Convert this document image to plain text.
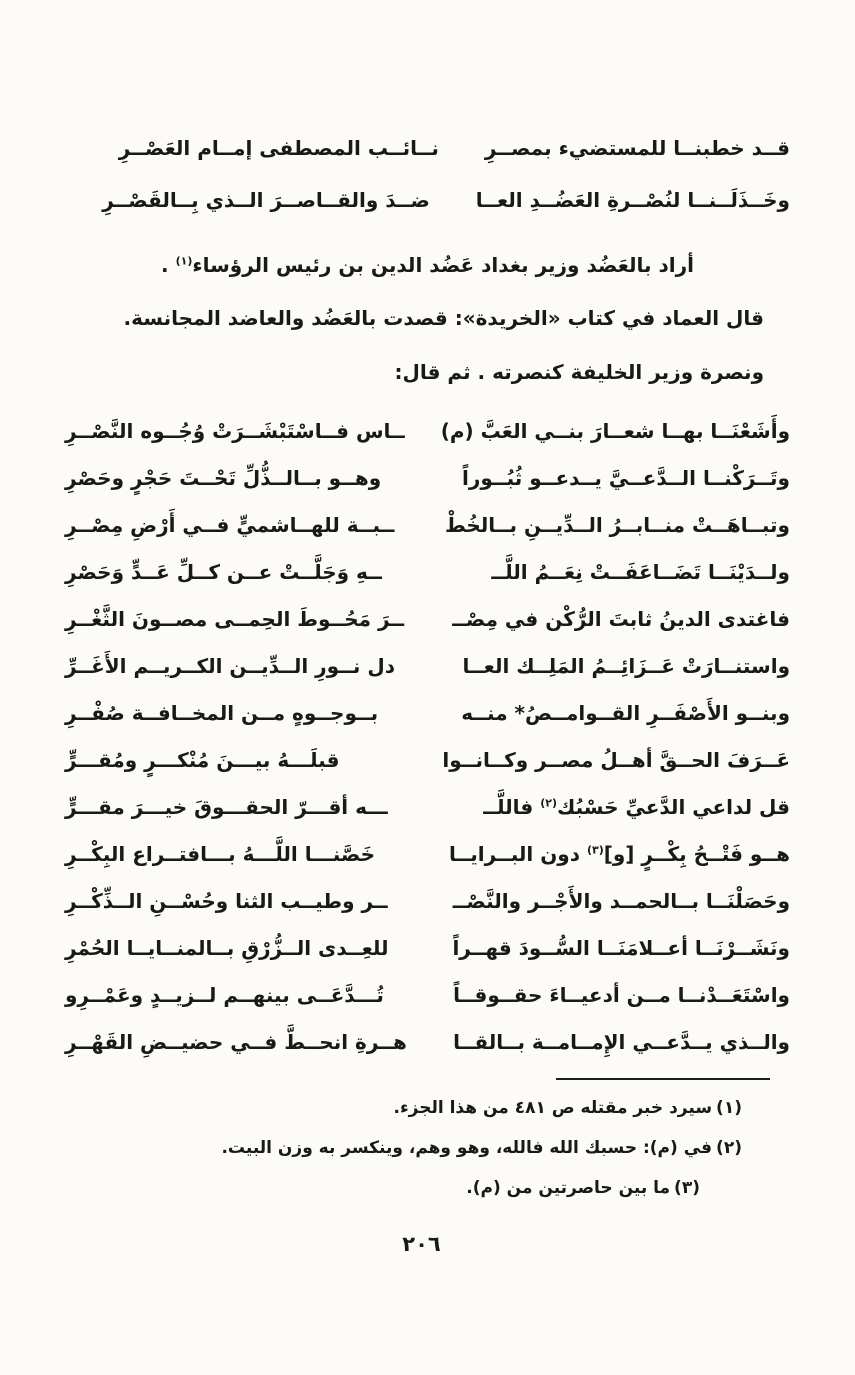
قــد خطبنــا للمستضيء بمصــرِ
نــائــب المصطفى إمــام العَصْــرِ
وخَــذَلَــنــا لنُصْــرةِ العَضُــدِ العــا
ضــدَ والقــاصــرَ الــذي بِــالقَصْــرِ

أراد بالعَضُد وزير بغداد عَضُد الدين بن رئيس الرؤساء$^{(١)}$ .

قال العماد في كتاب «الخريدة»: قصدت بالعَضُد والعاضد المجانسة.

ونصرة وزير الخليفة كنصرته . ثم قال:

وأَشَعْنَــا بهــا شعــارَ بنــي العَبَّ (م)
ــاس فــاسْتَبْشَــرَتْ وُجُــوه النَّصْــرِ
وتَــرَكْنــا الــدَّعــيَّ يــدعــو ثُبُــوراً
وهــو بــالــذُّلِّ تَحْــتَ حَجْرٍ وحَصْرِ
وتبــاهَــتْ منــابــرُ الــدِّيــنِ بــالخُطْ
ــبــة للهــاشميٍّ فــي أَرْضِ مِصْــرِ
ولــدَيْنَــا تَضَــاعَفَــتْ نِعَــمُ اللَّــ
ــهِ وَجَلَّــتْ عــن كــلِّ عَــدٍّ وَحَصْرِ
فاغتدى الدينُ ثابتَ الرُّكْن في مِصْــ
ــرَ مَحُــوطَ الحِمــى مصــونَ الثَّغْــرِ
واستنــارَتْ عَــزَائِــمُ المَلِــك العــا
دل نــورِ الــدِّيــن الكــريــم الأَغَــرِّ
وبنــو الأَصْفَــرِ القــوامــصُ* منــه
بــوجــوهٍ مــن المخــافــة صُفْــرِ
عَــرَفَ الحــقَّ أهــلُ مصــر وكــانــوا
قبلَـــهُ بيـــنَ مُنْكـــرٍ ومُقـــرٍّ
قل لداعي الدَّعيِّ حَسْبُك$^{(٢)}$ فاللَّــ
ـــه أقـــرّ الحقـــوقَ خيـــرَ مقـــرٍّ
هــو فَتْــحُ بِكْــرٍ [و]$^{(٣)}$ دون البــرايــا
خَصَّنـــا اللَّـــهُ بـــافتــراع البِكْــرِ
وحَصَلْنَــا بــالحمــد والأَجْــر والنَّصْــ
ــر وطيــب الثنا وحُسْــنِ الــذِّكْــرِ
ونَشَــرْنَــا أعــلامَنَــا السُّــودَ قهــراً
للعِــدى الــزُّرْقِ بــالمنــايــا الحُمْرِ
واسْتَعَــدْنــا مــن أدعيــاءَ حقــوقــاً
تُـــدَّعَــى بينهــم لــزيــدٍ وعَمْــرِو
والــذي يــدَّعــي الإِمــامــة بــالقــا
هــرةِ انحــطَّ فــي حضيــضِ القَهْــرِ

(١)سيرد خبر مقتله ص ٤٨١ من هذا الجزء.

(٢)في (م): حسبك الله فالله، وهو وهم، وينكسر به وزن البيت.

(٣)ما بين حاصرتين من (م).

٢٠٦
